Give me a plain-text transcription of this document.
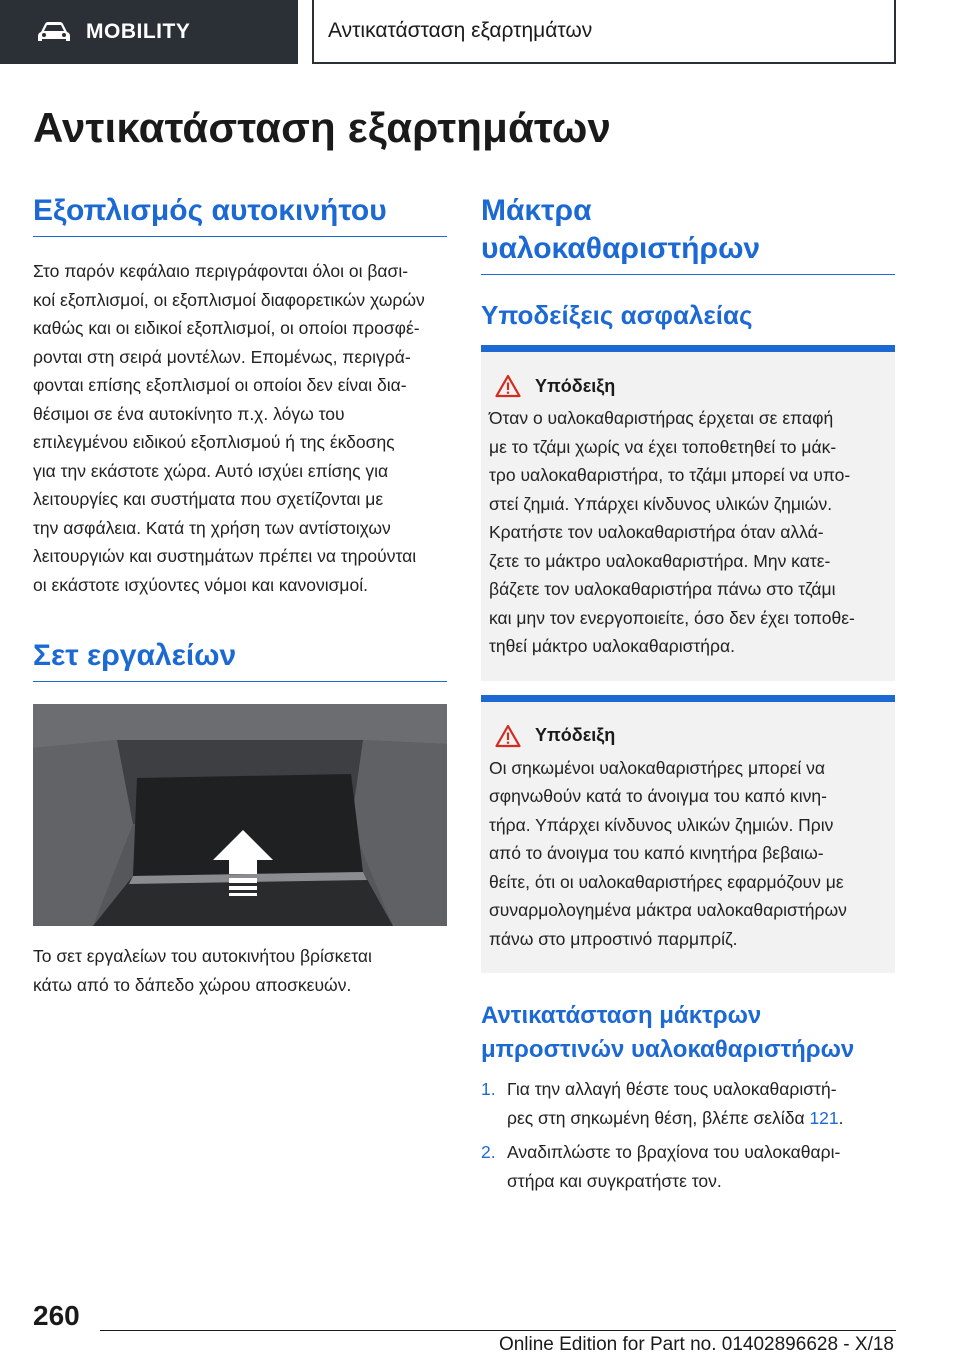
MOBILITY	Αντικατάσταση εξαρτημάτων
Αντικατάσταση εξαρτημάτων
Εξοπλισμός αυτοκινήτου
Στο παρόν κεφάλαιο περιγράφονται όλοι οι βασι-
κοί εξοπλισμοί, οι εξοπλισμοί διαφορετικών χωρών
καθώς και οι ειδικοί εξοπλισμοί, οι οποίοι προσφέ-
ρονται στη σειρά μοντέλων. Επομένως, περιγρά-
φονται επίσης εξοπλισμοί οι οποίοι δεν είναι δια-
θέσιμοι σε ένα αυτοκίνητο π.χ. λόγω του
επιλεγμένου ειδικού εξοπλισμού ή της έκδοσης
για την εκάστοτε χώρα. Αυτό ισχύει επίσης για
λειτουργίες και συστήματα που σχετίζονται με
την ασφάλεια. Κατά τη χρήση των αντίστοιχων
λειτουργιών και συστημάτων πρέπει να τηρούνται
οι εκάστοτε ισχύοντες νόμοι και κανονισμοί.
Σετ εργαλείων
Το σετ εργαλείων του αυτοκινήτου βρίσκεται
κάτω από το δάπεδο χώρου αποσκευών.
Μάκτρα
υαλοκαθαριστήρων
Υποδείξεις ασφαλείας
Υπόδειξη
Όταν ο υαλοκαθαριστήρας έρχεται σε επαφή
με το τζάμι χωρίς να έχει τοποθετηθεί το μάκ-
τρο υαλοκαθαριστήρα, το τζάμι μπορεί να υπο-
στεί ζημιά. Υπάρχει κίνδυνος υλικών ζημιών.
Κρατήστε τον υαλοκαθαριστήρα όταν αλλά-
ζετε το μάκτρο υαλοκαθαριστήρα. Μην κατε-
βάζετε τον υαλοκαθαριστήρα πάνω στο τζάμι
και μην τον ενεργοποιείτε, όσο δεν έχει τοποθε-
τηθεί μάκτρο υαλοκαθαριστήρα.
Υπόδειξη
Οι σηκωμένοι υαλοκαθαριστήρες μπορεί να
σφηνωθούν κατά το άνοιγμα του καπό κινη-
τήρα. Υπάρχει κίνδυνος υλικών ζημιών. Πριν
από το άνοιγμα του καπό κινητήρα βεβαιω-
θείτε, ότι οι υαλοκαθαριστήρες εφαρμόζουν με
συναρμολογημένα μάκτρα υαλοκαθαριστήρων
πάνω στο μπροστινό παρμπρίζ.
Αντικατάσταση μάκτρων
μπροστινών υαλοκαθαριστήρων
1. Για την αλλαγή θέστε τους υαλοκαθαριστή-
ρες στη σηκωμένη θέση, βλέπε σελίδα 121.
2. Αναδιπλώστε το βραχίονα του υαλοκαθαρι-
στήρα και συγκρατήστε τον.
260
Online Edition for Part no. 01402896628 - X/18
